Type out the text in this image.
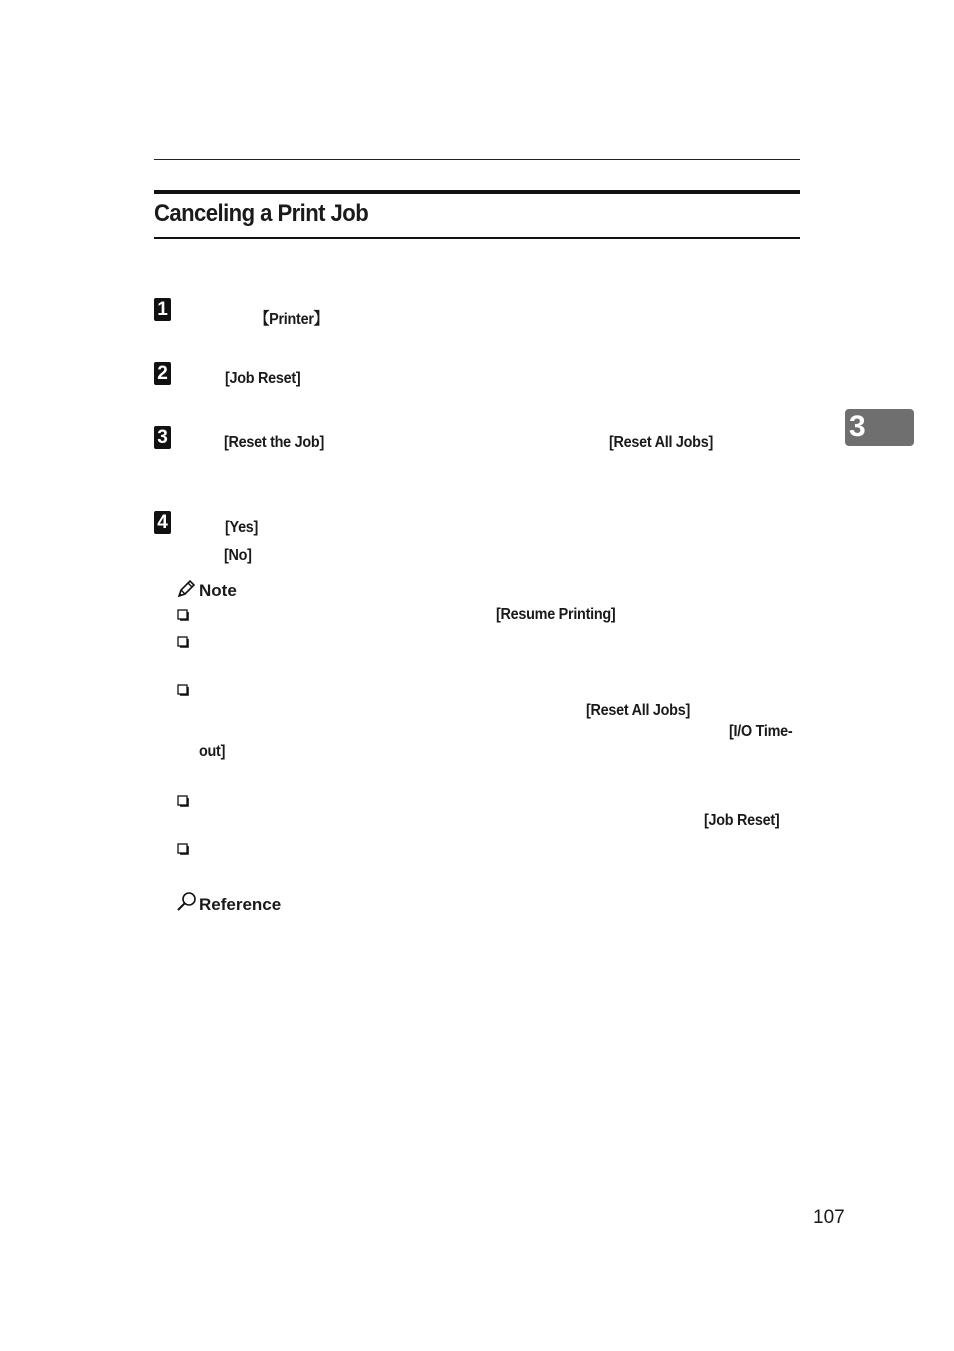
Canceling a Print Job
1	【Printer】
2	[Job Reset]
3	[Reset the Job]	[Reset All Jobs]
4	[Yes]
[No]
Note
[Resume Printing]
[Reset All Jobs]
[I/O Time-
out]
[Job Reset]
Reference
3
107
